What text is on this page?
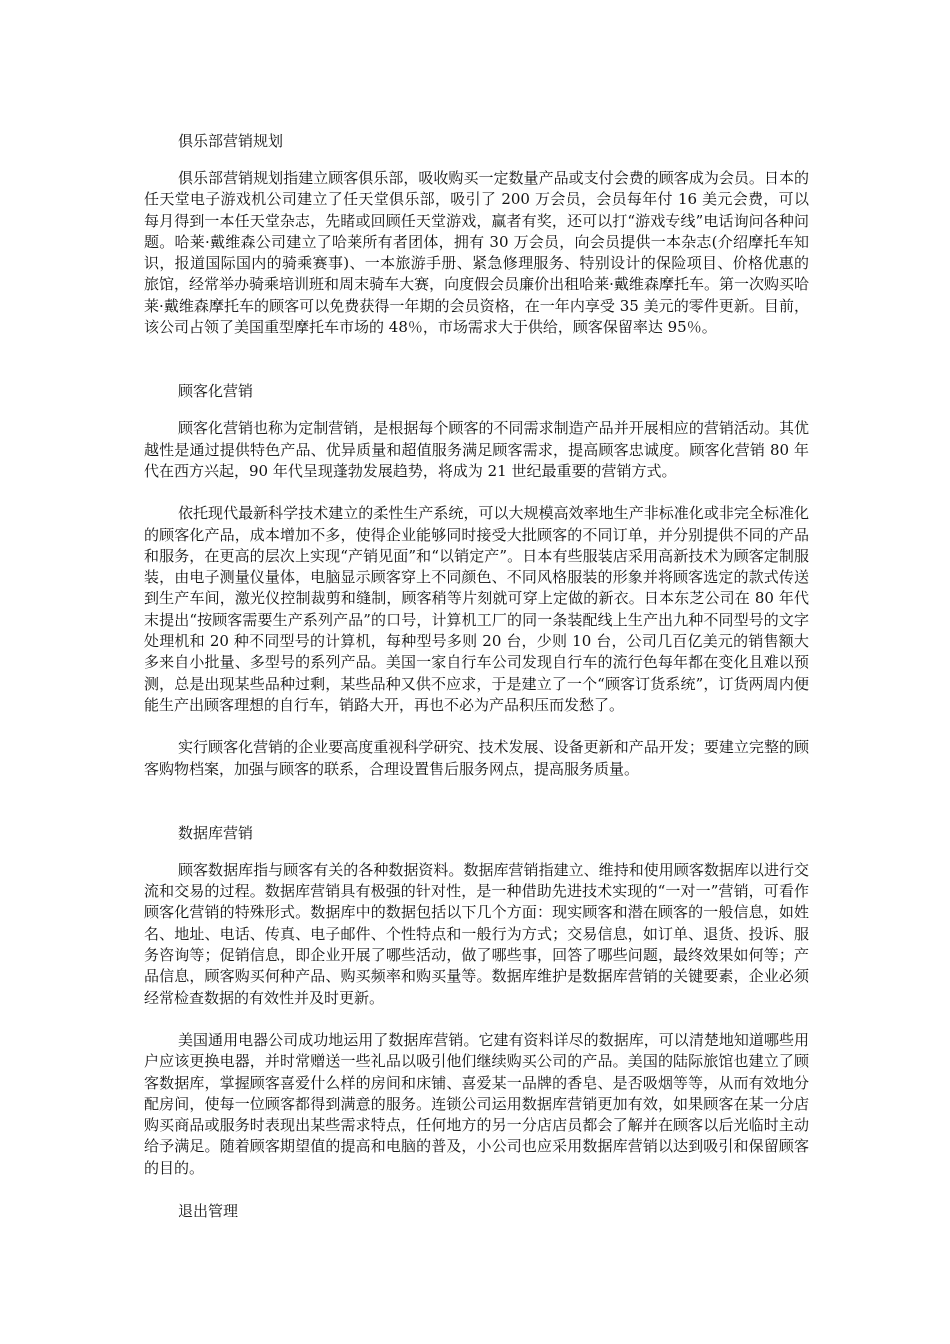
俱乐部营销规划

俱乐部营销规划指建立顾客俱乐部，吸收购买一定数量产品或支付会费的顾客成为会员。日本的任天堂电子游戏机公司建立了任天堂俱乐部，吸引了 200 万会员，会员每年付 16 美元会费，可以每月得到一本任天堂杂志，先睹或回顾任天堂游戏，赢者有奖，还可以打“游戏专线”电话询问各种问题。哈莱·戴维森公司建立了哈莱所有者团体，拥有 30 万会员，向会员提供一本杂志(介绍摩托车知识，报道国际国内的骑乘赛事)、一本旅游手册、紧急修理服务、特别设计的保险项目、价格优惠的旅馆，经常举办骑乘培训班和周末骑车大赛，向度假会员廉价出租哈莱·戴维森摩托车。第一次购买哈莱·戴维森摩托车的顾客可以免费获得一年期的会员资格，在一年内享受 35 美元的零件更新。目前，该公司占领了美国重型摩托车市场的 48％，市场需求大于供给，顾客保留率达 95％。

顾客化营销

顾客化营销也称为定制营销，是根据每个顾客的不同需求制造产品并开展相应的营销活动。其优越性是通过提供特色产品、优异质量和超值服务满足顾客需求，提高顾客忠诚度。顾客化营销 80 年代在西方兴起，90 年代呈现蓬勃发展趋势，将成为 21 世纪最重要的营销方式。

依托现代最新科学技术建立的柔性生产系统，可以大规模高效率地生产非标准化或非完全标准化的顾客化产品，成本增加不多，使得企业能够同时接受大批顾客的不同订单，并分别提供不同的产品和服务，在更高的层次上实现“产销见面”和“以销定产”。日本有些服装店采用高新技术为顾客定制服装，由电子测量仪量体，电脑显示顾客穿上不同颜色、不同风格服装的形象并将顾客选定的款式传送到生产车间，激光仪控制裁剪和缝制，顾客稍等片刻就可穿上定做的新衣。日本东芝公司在 80 年代末提出“按顾客需要生产系列产品”的口号，计算机工厂的同一条装配线上生产出九种不同型号的文字处理机和 20 种不同型号的计算机，每种型号多则 20 台，少则 10 台，公司几百亿美元的销售额大多来自小批量、多型号的系列产品。美国一家自行车公司发现自行车的流行色每年都在变化且难以预测，总是出现某些品种过剩，某些品种又供不应求，于是建立了一个“顾客订货系统”，订货两周内便能生产出顾客理想的自行车，销路大开，再也不必为产品积压而发愁了。

实行顾客化营销的企业要高度重视科学研究、技术发展、设备更新和产品开发；要建立完整的顾客购物档案，加强与顾客的联系，合理设置售后服务网点，提高服务质量。

数据库营销

顾客数据库指与顾客有关的各种数据资料。数据库营销指建立、维持和使用顾客数据库以进行交流和交易的过程。数据库营销具有极强的针对性，是一种借助先进技术实现的“一对一”营销，可看作顾客化营销的特殊形式。数据库中的数据包括以下几个方面：现实顾客和潜在顾客的一般信息，如姓名、地址、电话、传真、电子邮件、个性特点和一般行为方式；交易信息，如订单、退货、投诉、服务咨询等；促销信息，即企业开展了哪些活动，做了哪些事，回答了哪些问题，最终效果如何等；产品信息，顾客购买何种产品、购买频率和购买量等。数据库维护是数据库营销的关键要素，企业必须经常检查数据的有效性并及时更新。

美国通用电器公司成功地运用了数据库营销。它建有资料详尽的数据库，可以清楚地知道哪些用户应该更换电器，并时常赠送一些礼品以吸引他们继续购买公司的产品。美国的陆际旅馆也建立了顾客数据库，掌握顾客喜爱什么样的房间和床铺、喜爱某一品牌的香皂、是否吸烟等等，从而有效地分配房间，使每一位顾客都得到满意的服务。连锁公司运用数据库营销更加有效，如果顾客在某一分店购买商品或服务时表现出某些需求特点，任何地方的另一分店店员都会了解并在顾客以后光临时主动给予满足。随着顾客期望值的提高和电脑的普及，小公司也应采用数据库营销以达到吸引和保留顾客的目的。

退出管理
